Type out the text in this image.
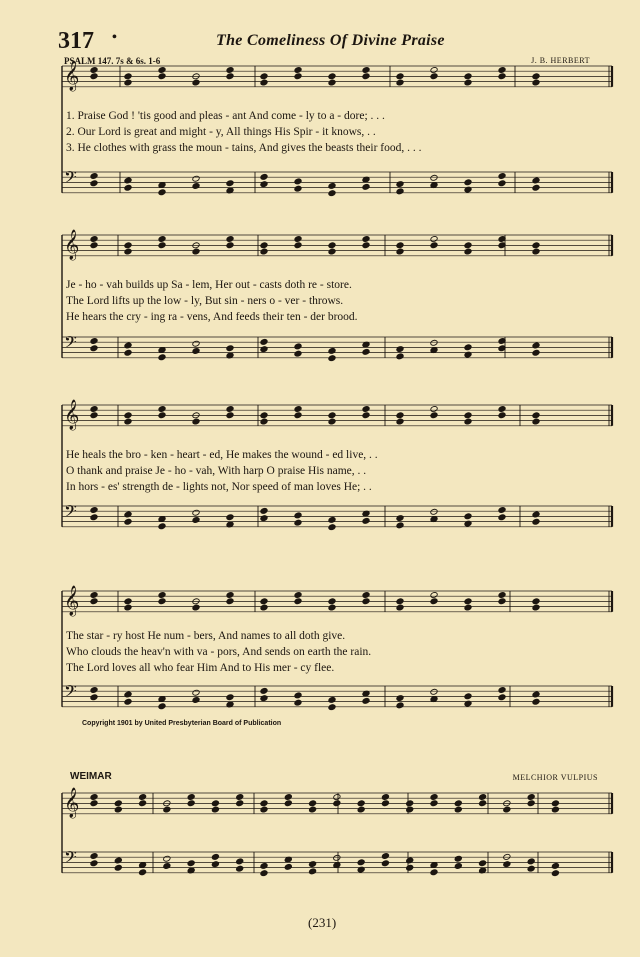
317 •	The Comeliness Of Divine Praise
PSALM 147. 7s & 6s. 1-6	J. B. HERBERT
𝄞
𝄢
𝄞
𝄢
𝄞
𝄢
𝄞
𝄢
𝄞
𝄢
1. Praise God ! 'tis good and pleas - ant And come - ly to a - dore; . . .
2. Our Lord is great and might - y, All things His Spir - it knows, . .
3. He clothes with grass the moun - tains, And gives the beasts their food, . . .
Je - ho - vah builds up Sa - lem, Her out - casts doth re - store.
The Lord lifts up the low - ly, But sin - ners o - ver - throws.
He hears the cry - ing ra - vens, And feeds their ten - der brood.
He heals the bro - ken - heart - ed, He makes the wound - ed live, . .
O thank and praise Je - ho - vah, With harp O praise His name, . .
In hors - es' strength de - lights not, Nor speed of man loves He; . .
The star - ry host He num - bers, And names to all doth give.
Who clouds the heav'n with va - pors, And sends on earth the rain.
The Lord loves all who fear Him And to His mer - cy flee.
Copyright 1901 by United Presbyterian Board of Publication
WEIMAR	MELCHIOR VULPIUS
(231)
